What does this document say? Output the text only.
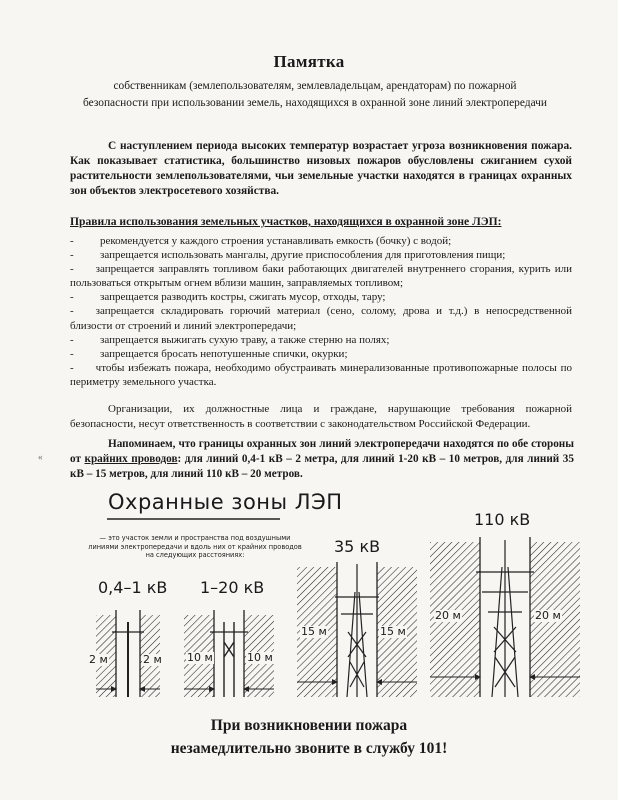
Памятка
собственникам (землепользователям, землевладельцам, арендаторам) по пожарной безопасности при использовании земель, находящихся в охранной зоне линий электропередачи
С наступлением периода высоких температур возрастает угроза возникновения пожара. Как показывает статистика, большинство низовых пожаров обусловлены сжиганием сухой растительности землепользователями, чьи земельные участки находятся в границах охранных зон объектов электросетевого хозяйства.
Правила использования земельных участков, находящихся в охранной зоне ЛЭП:
- рекомендуется у каждого строения устанавливать емкость (бочку) с водой;
- запрещается использовать мангалы, другие приспособления для приготовления пищи;
- запрещается заправлять топливом баки работающих двигателей внутреннего сгорания, курить или пользоваться открытым огнем вблизи машин, заправляемых топливом;
- запрещается разводить костры, сжигать мусор, отходы, тару;
- запрещается складировать горючий материал (сено, солому, дрова и т.д.) в непосредственной близости от строений и линий электропередачи;
- запрещается выжигать сухую траву, а также стерню на полях;
- запрещается бросать непотушенные спички, окурки;
- чтобы избежать пожара, необходимо обустраивать минерализованные противопожарные полосы по периметру земельного участка.
Организации, их должностные лица и граждане, нарушающие требования пожарной безопасности, несут ответственность в соответствии с законодательством Российской Федерации.
Напоминаем, что границы охранных зон линий электропередачи находятся по обе стороны от крайних проводов: для линий 0,4-1 кВ – 2 метра, для линий 1-20 кВ – 10 метров, для линий 35 кВ – 15 метров, для линий 110 кВ – 20 метров.
«
Охранные зоны ЛЭП
— это участок земли и пространства под воздушными линиями электропередачи и вдоль них от крайних проводов на следующих расстояниях:
0,4–1 кВ 1–20 кВ
35 кВ
110 кВ
2 м	2 м 10 м	10 м
15 м	15 м
20 м	20 м
При возникновении пожара
незамедлительно звоните в службу 101!
